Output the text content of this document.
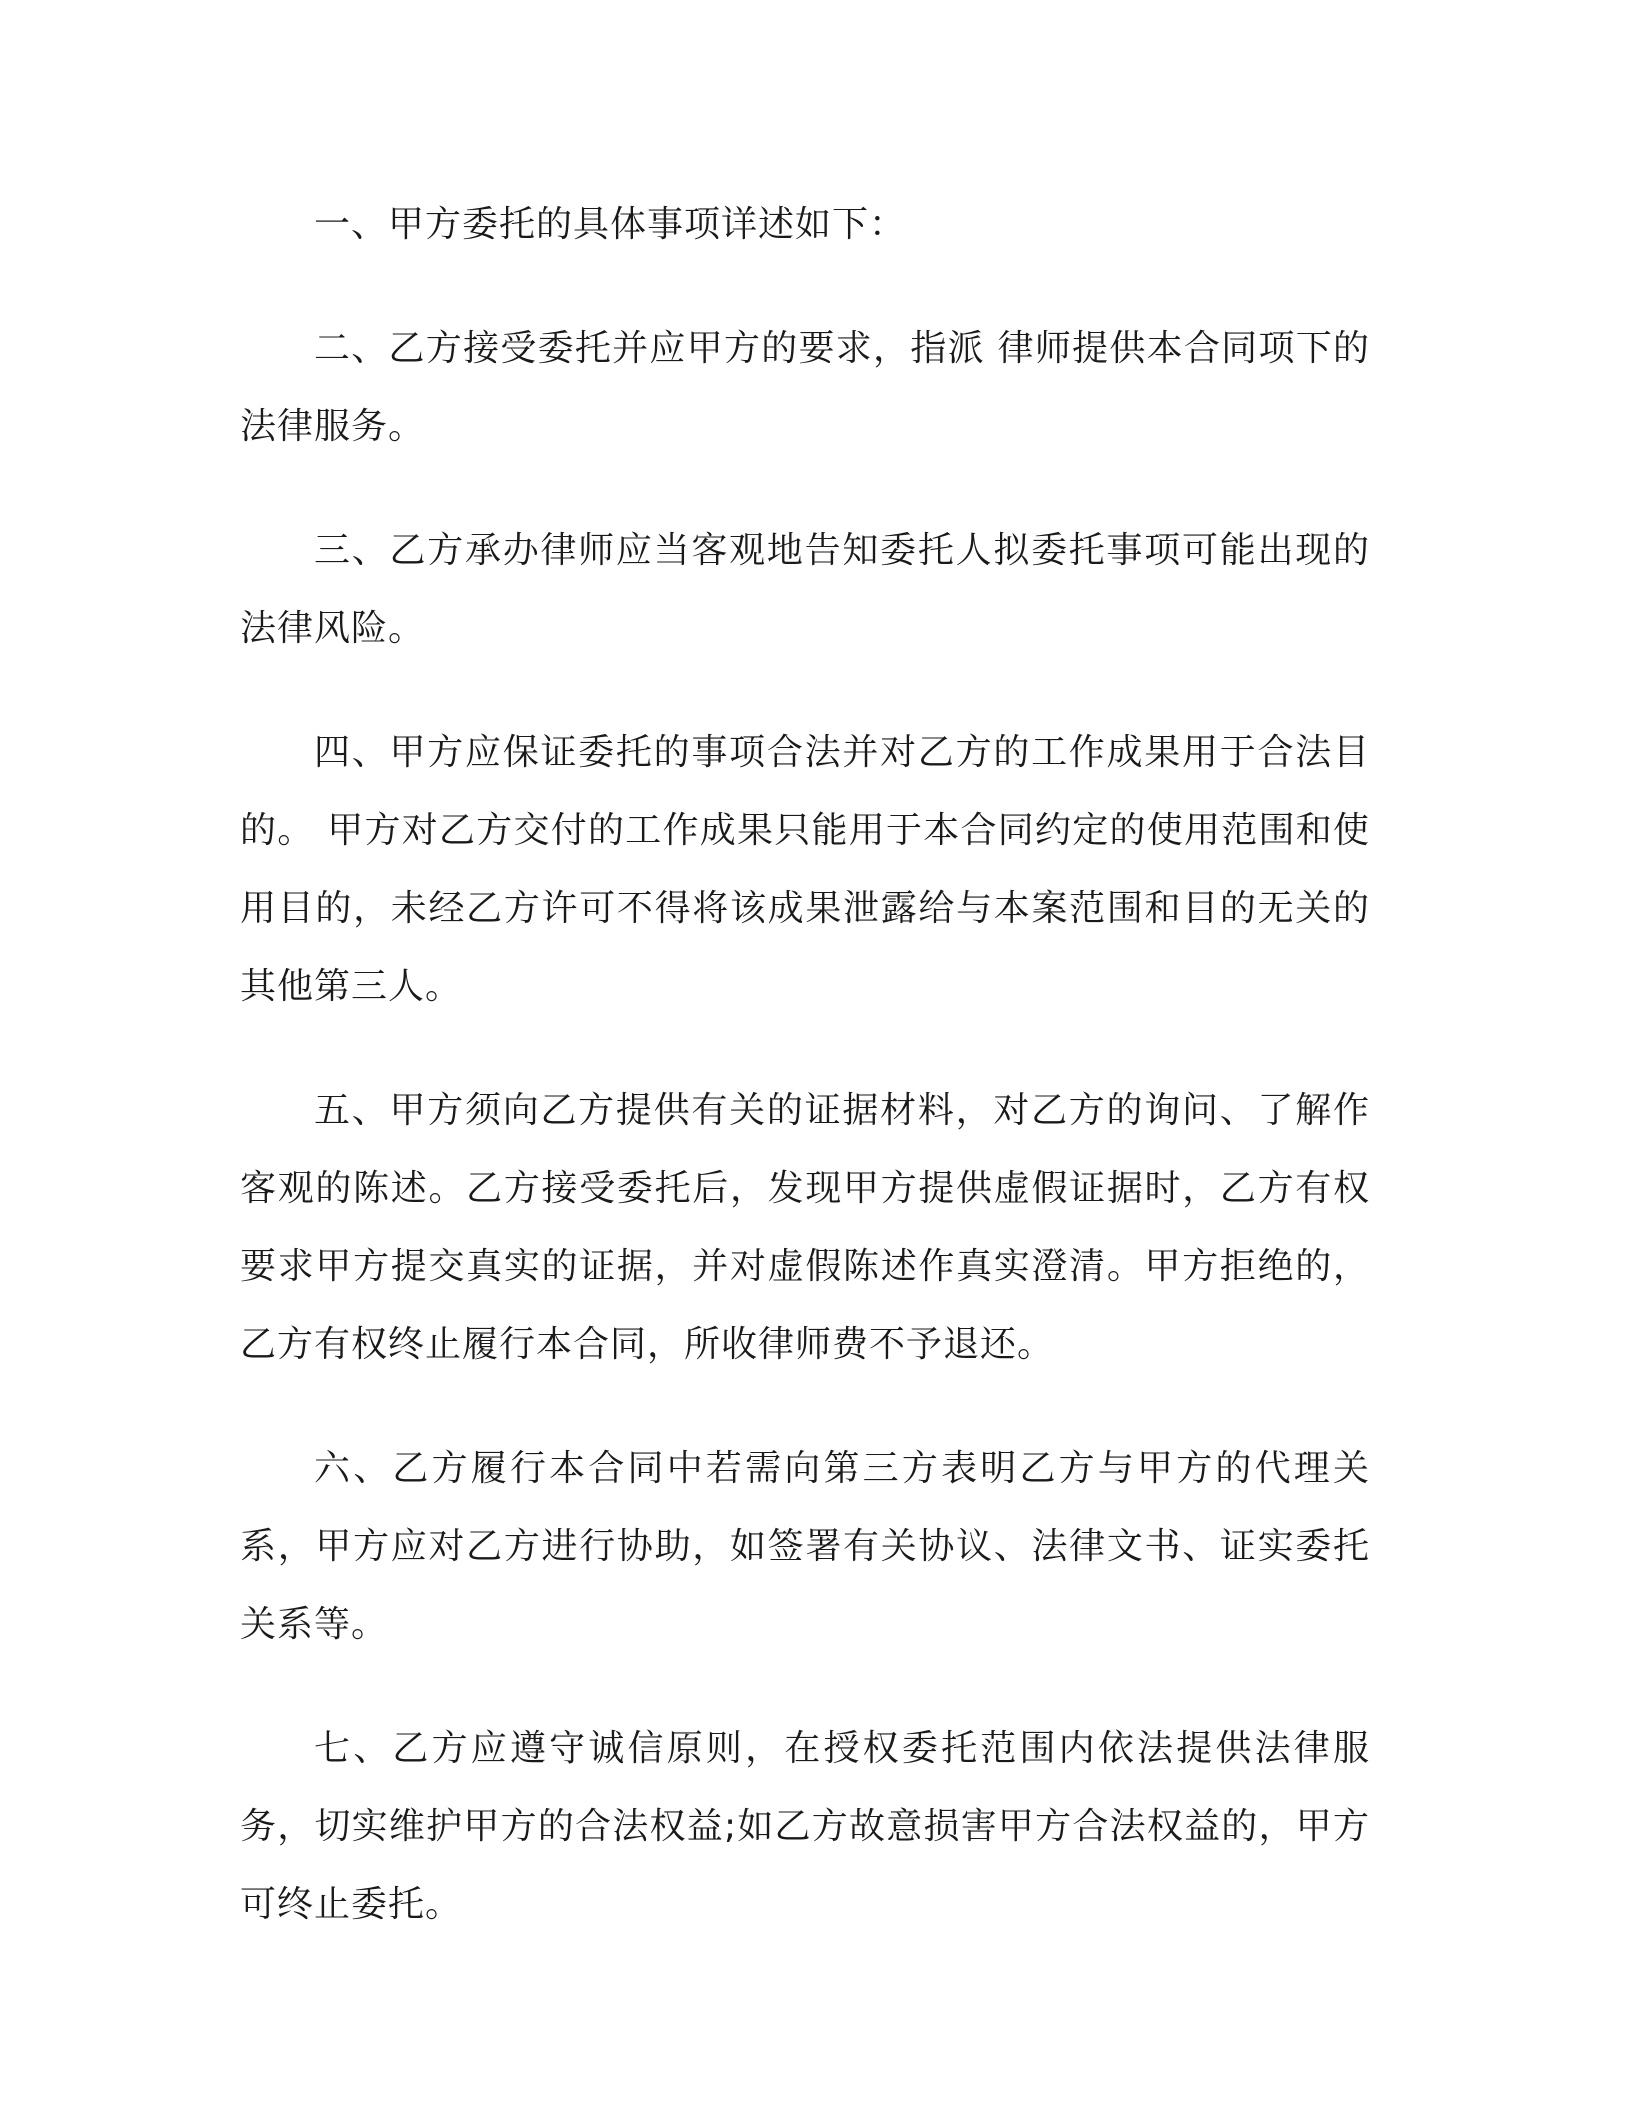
一、甲方委托的具体事项详述如下：

二、乙方接受委托并应甲方的要求，指派 律师提供本合同项下的法律服务。

三、乙方承办律师应当客观地告知委托人拟委托事项可能出现的法律风险。

四、甲方应保证委托的事项合法并对乙方的工作成果用于合法目的。 甲方对乙方交付的工作成果只能用于本合同约定的使用范围和使用目的，未经乙方许可不得将该成果泄露给与本案范围和目的无关的其他第三人。

五、甲方须向乙方提供有关的证据材料，对乙方的询问、了解作客观的陈述。乙方接受委托后，发现甲方提供虚假证据时，乙方有权要求甲方提交真实的证据，并对虚假陈述作真实澄清。甲方拒绝的，乙方有权终止履行本合同，所收律师费不予退还。

六、乙方履行本合同中若需向第三方表明乙方与甲方的代理关系，甲方应对乙方进行协助，如签署有关协议、法律文书、证实委托关系等。

七、乙方应遵守诚信原则，在授权委托范围内依法提供法律服务，切实维护甲方的合法权益;如乙方故意损害甲方合法权益的，甲方可终止委托。
